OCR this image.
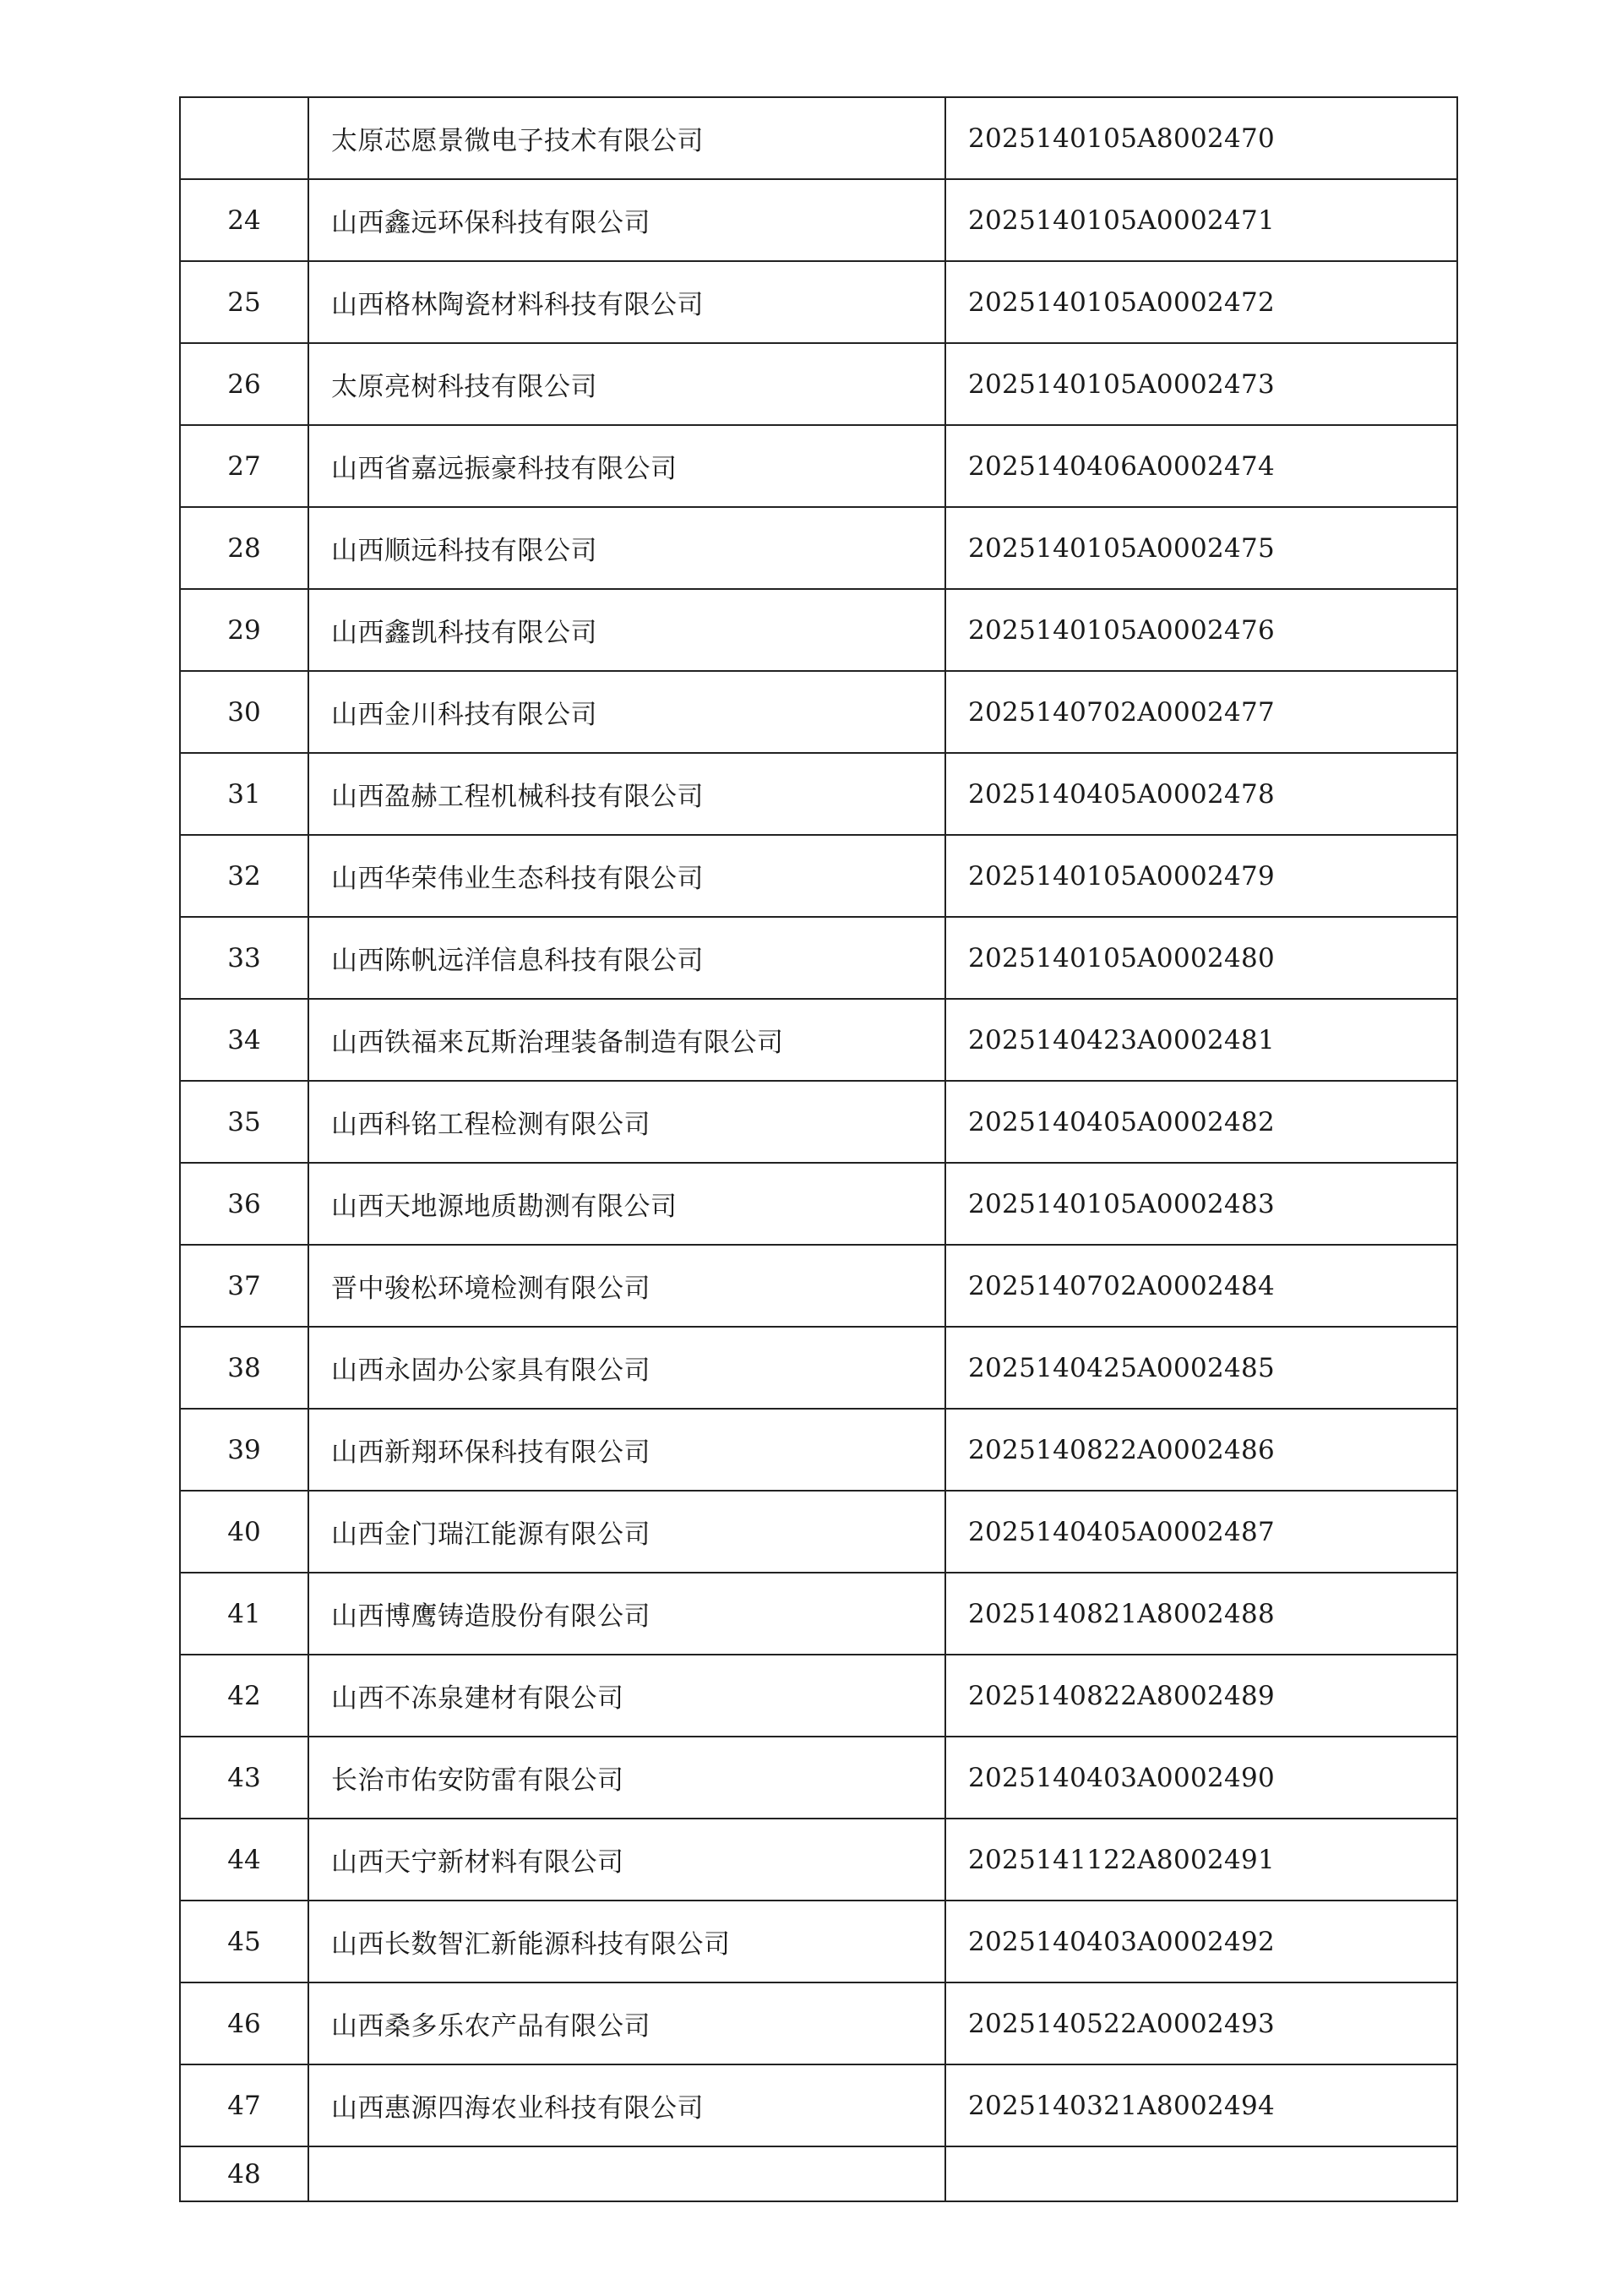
	太原芯愿景微电子技术有限公司	2025140105A8002470
24	山西鑫远环保科技有限公司	2025140105A0002471
25	山西格林陶瓷材料科技有限公司	2025140105A0002472
26	太原亮树科技有限公司	2025140105A0002473
27	山西省嘉远振豪科技有限公司	2025140406A0002474
28	山西顺远科技有限公司	2025140105A0002475
29	山西鑫凯科技有限公司	2025140105A0002476
30	山西金川科技有限公司	2025140702A0002477
31	山西盈赫工程机械科技有限公司	2025140405A0002478
32	山西华荣伟业生态科技有限公司	2025140105A0002479
33	山西陈帆远洋信息科技有限公司	2025140105A0002480
34	山西铁福来瓦斯治理装备制造有限公司	2025140423A0002481
35	山西科铭工程检测有限公司	2025140405A0002482
36	山西天地源地质勘测有限公司	2025140105A0002483
37	晋中骏松环境检测有限公司	2025140702A0002484
38	山西永固办公家具有限公司	2025140425A0002485
39	山西新翔环保科技有限公司	2025140822A0002486
40	山西金门瑞江能源有限公司	2025140405A0002487
41	山西博鹰铸造股份有限公司	2025140821A8002488
42	山西不冻泉建材有限公司	2025140822A8002489
43	长治市佑安防雷有限公司	2025140403A0002490
44	山西天宁新材料有限公司	2025141122A8002491
45	山西长数智汇新能源科技有限公司	2025140403A0002492
46	山西桑多乐农产品有限公司	2025140522A0002493
47	山西惠源四海农业科技有限公司	2025140321A8002494
48		
